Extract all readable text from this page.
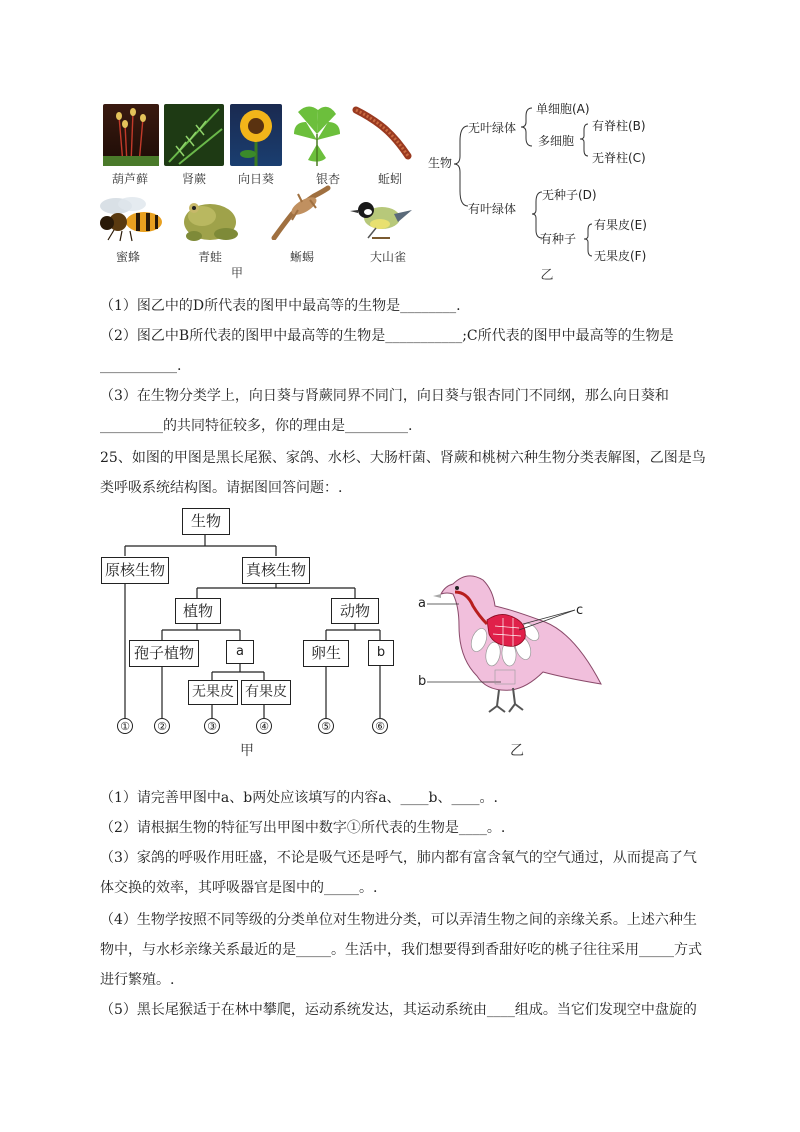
葫芦藓	肾蕨	向日葵	银杏	蚯蚓
蜜蜂	青蛙	蜥蜴	大山雀
甲
生物
无叶绿体
单细胞(A)
多细胞
有脊柱(B)
无脊柱(C)
有叶绿体
无种子(D)
有种子
有果皮(E)
无果皮(F)
乙
（1）图乙中的D所代表的图甲中最高等的生物是________.
（2）图乙中B所代表的图甲中最高等的生物是___________;C所代表的图甲中最高等的生物是
___________.
（3）在生物分类学上，向日葵与肾蕨同界不同门，向日葵与银杏同门不同纲，那么向日葵和
_________的共同特征较多，你的理由是_________.
25、如图的甲图是黑长尾猴、家鸽、水杉、大肠杆菌、肾蕨和桃树六种生物分类表解图，乙图是鸟
类呼吸系统结构图。请据图回答问题：.
生物
原核生物	真核生物
植物	动物
孢子植物	a	卵生	b
无果皮 有果皮
① ②	③	④	⑤	⑥
甲
a
b
c
乙
（1）请完善甲图中a、b两处应该填写的内容a、____b、____。.
（2）请根据生物的特征写出甲图中数字①所代表的生物是____。.
（3）家鸽的呼吸作用旺盛，不论是吸气还是呼气，肺内都有富含氧气的空气通过，从而提高了气
体交换的效率，其呼吸器官是图中的_____。.
（4）生物学按照不同等级的分类单位对生物进分类，可以弄清生物之间的亲缘关系。上述六种生
物中，与水杉亲缘关系最近的是_____。生活中，我们想要得到香甜好吃的桃子往往采用_____方式
进行繁殖。.
（5）黑长尾猴适于在林中攀爬，运动系统发达，其运动系统由____组成。当它们发现空中盘旋的
